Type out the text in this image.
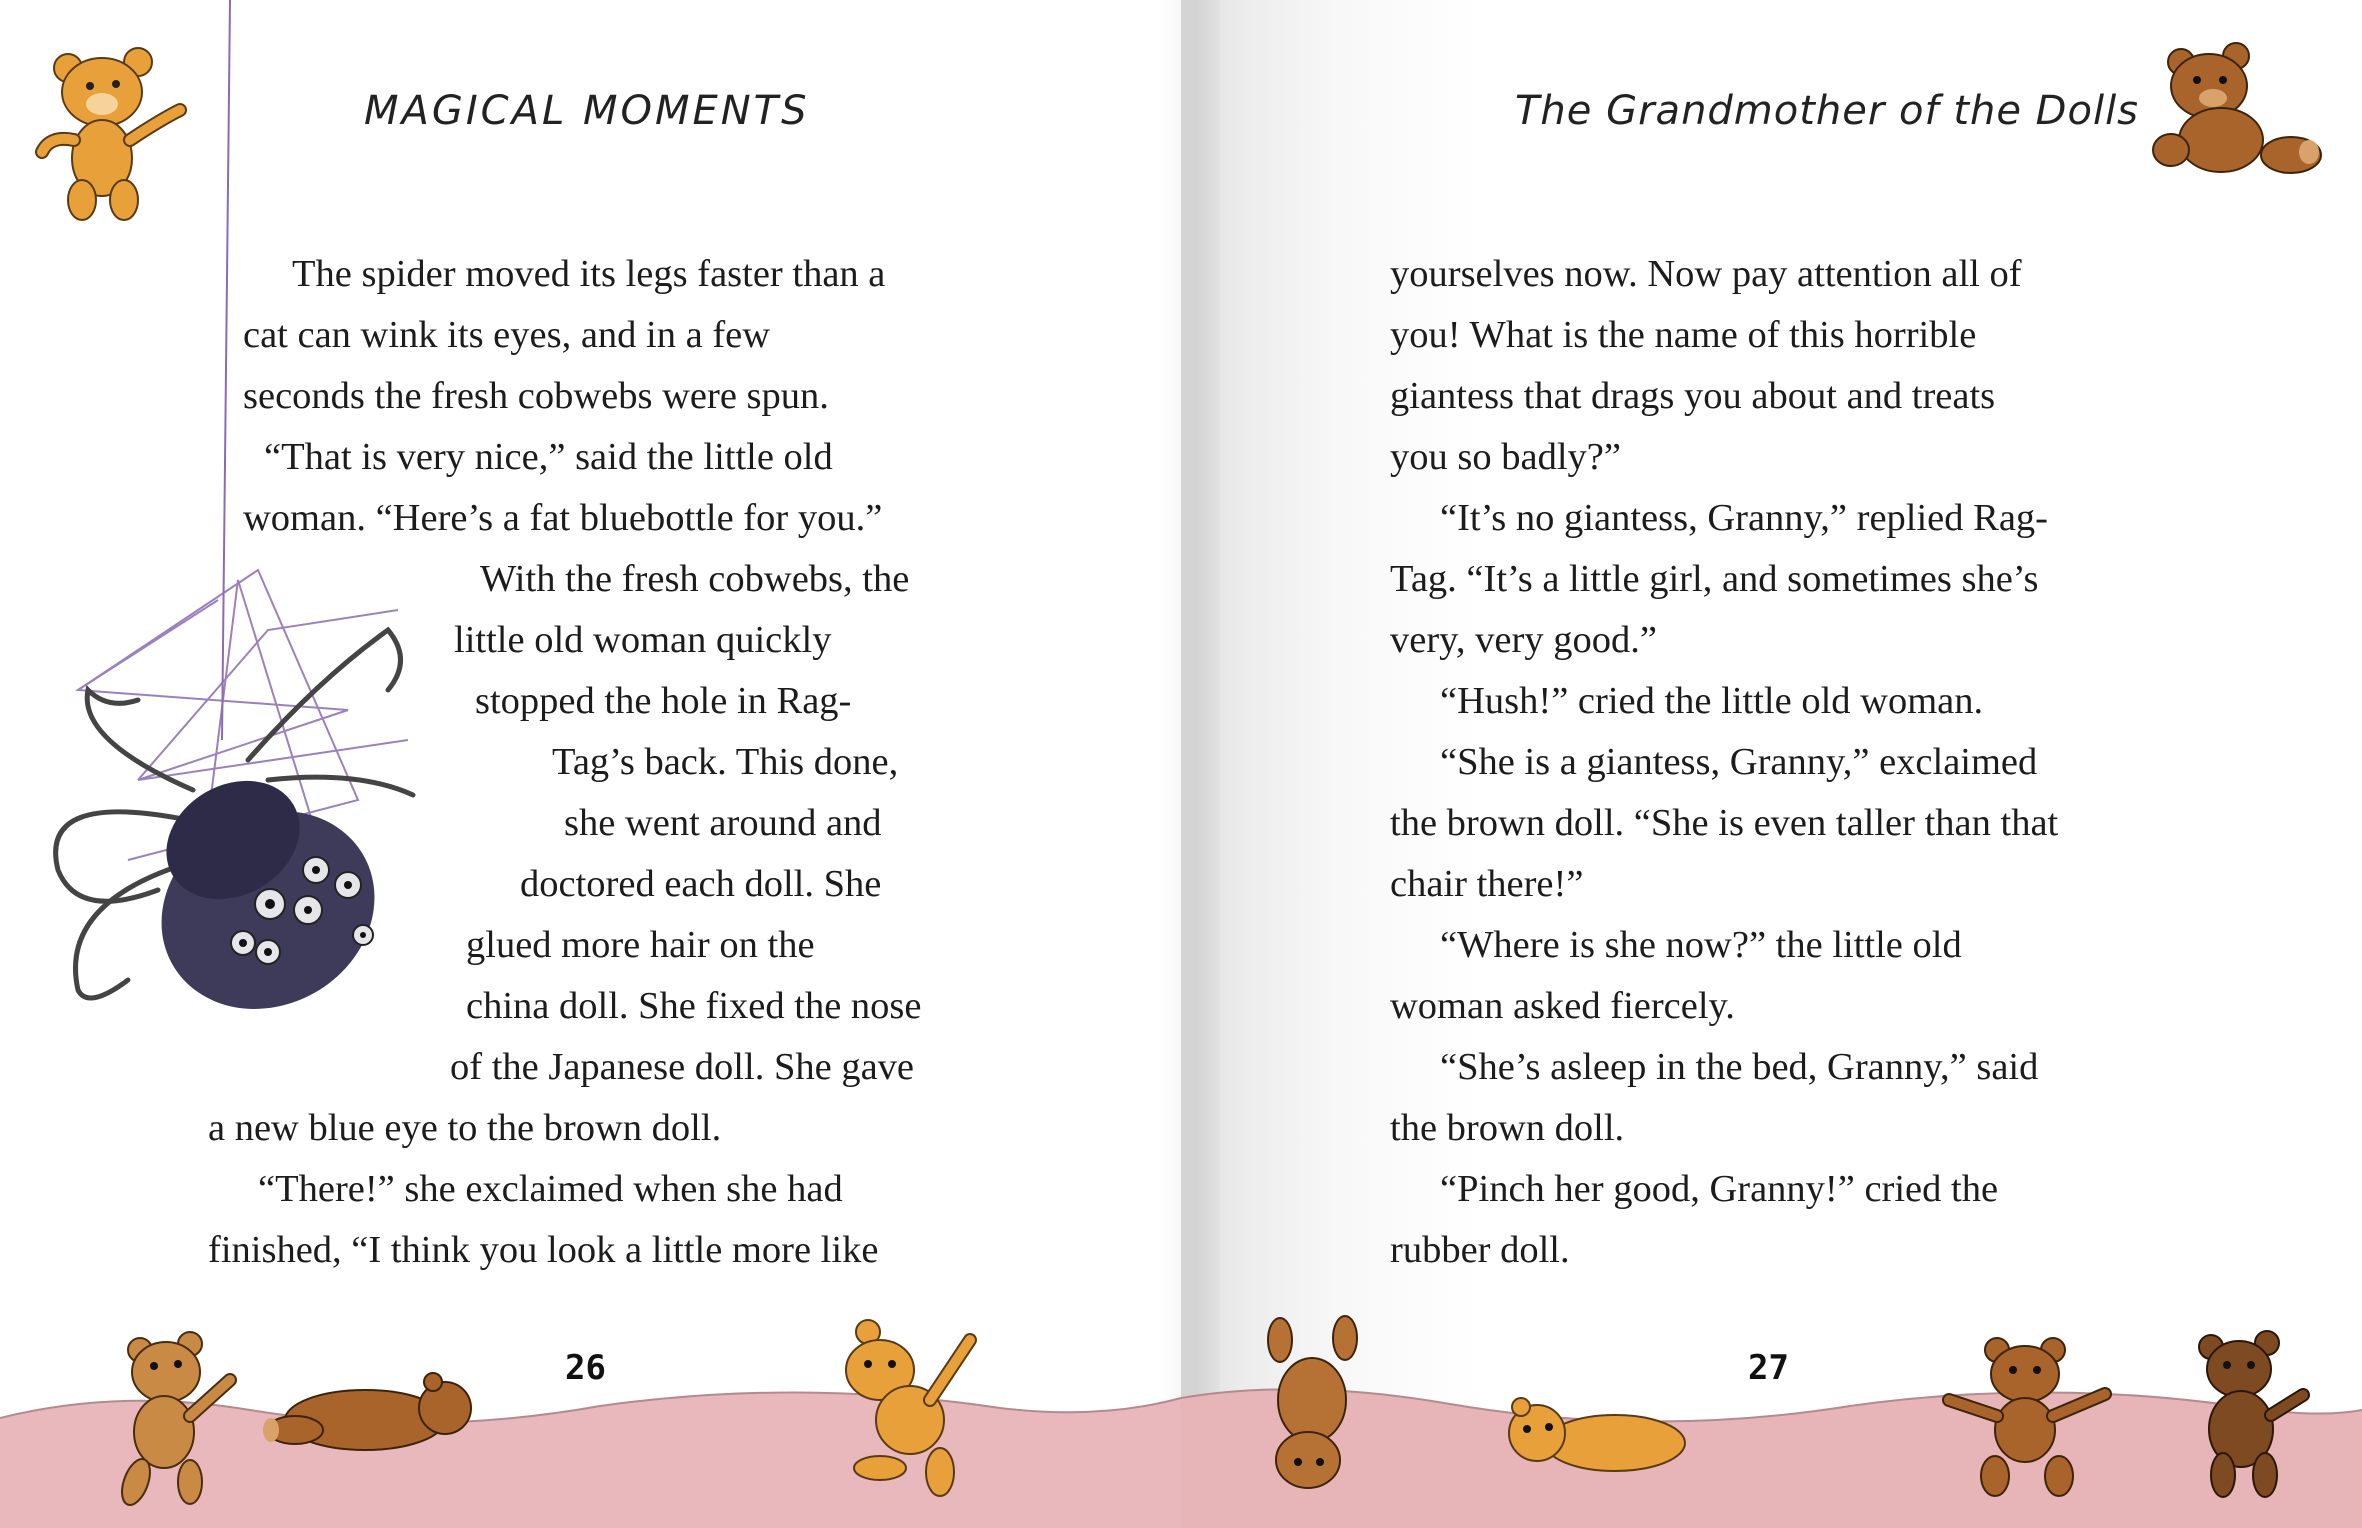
MAGICAL MOMENTS
The spider moved its legs faster than a
cat can wink its eyes, and in a few
seconds the fresh cobwebs were spun.
“That is very nice,” said the little old
woman. “Here’s a fat bluebottle for you.”
With the fresh cobwebs, the
little old woman quickly
stopped the hole in Rag-
Tag’s back. This done,
she went around and
doctored each doll. She
glued more hair on the
china doll. She fixed the nose
of the Japanese doll. She gave
a new blue eye to the brown doll.
“There!” she exclaimed when she had
finished, “I think you look a little more like
26
The Grandmother of the Dolls
yourselves now. Now pay attention all of
you! What is the name of this horrible
giantess that drags you about and treats
you so badly?”
“It’s no giantess, Granny,” replied Rag-
Tag. “It’s a little girl, and sometimes she’s
very, very good.”
“Hush!” cried the little old woman.
“She is a giantess, Granny,” exclaimed
the brown doll. “She is even taller than that
chair there!”
“Where is she now?” the little old
woman asked fiercely.
“She’s asleep in the bed, Granny,” said
the brown doll.
“Pinch her good, Granny!” cried the
rubber doll.
27
